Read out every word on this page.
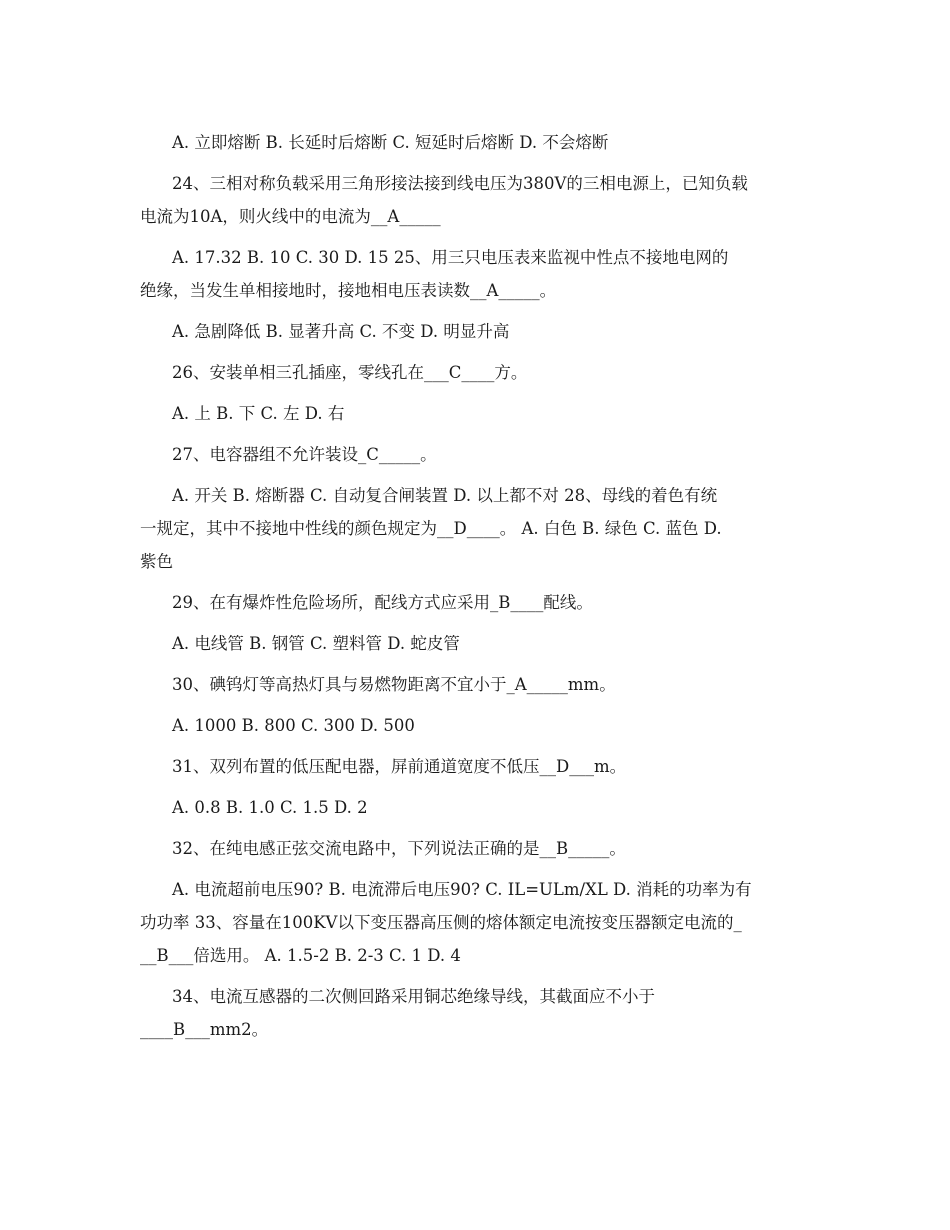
A. 立即熔断 B. 长延时后熔断 C. 短延时后熔断 D. 不会熔断
24、三相对称负载采用三角形接法接到线电压为380V的三相电源上，已知负载
电流为10A，则火线中的电流为__A_____
A. 17.32 B. 10 C. 30 D. 15 25、用三只电压表来监视中性点不接地电网的
绝缘，当发生单相接地时，接地相电压表读数__A_____。
A. 急剧降低 B. 显著升高 C. 不变 D. 明显升高
26、安装单相三孔插座，零线孔在___C____方。
A. 上 B. 下 C. 左 D. 右
27、电容器组不允许装设_C_____。
A. 开关 B. 熔断器 C. 自动复合闸装置 D. 以上都不对 28、母线的着色有统
一规定，其中不接地中性线的颜色规定为__D____。 A. 白色 B. 绿色 C. 蓝色 D.
紫色
29、在有爆炸性危险场所，配线方式应采用_B____配线。
A. 电线管 B. 钢管 C. 塑料管 D. 蛇皮管
30、碘钨灯等高热灯具与易燃物距离不宜小于_A_____mm。
A. 1000 B. 800 C. 300 D. 500
31、双列布置的低压配电器，屏前通道宽度不低压__D___m。
A. 0.8 B. 1.0 C. 1.5 D. 2
32、在纯电感正弦交流电路中，下列说法正确的是__B_____。
A. 电流超前电压90? B. 电流滞后电压90? C. IL=ULm/XL D. 消耗的功率为有
功功率 33、容量在100KV以下变压器高压侧的熔体额定电流按变压器额定电流的_
__B___倍选用。 A. 1.5-2 B. 2-3 C. 1 D. 4
34、电流互感器的二次侧回路采用铜芯绝缘导线，其截面应不小于
____B___mm2。
